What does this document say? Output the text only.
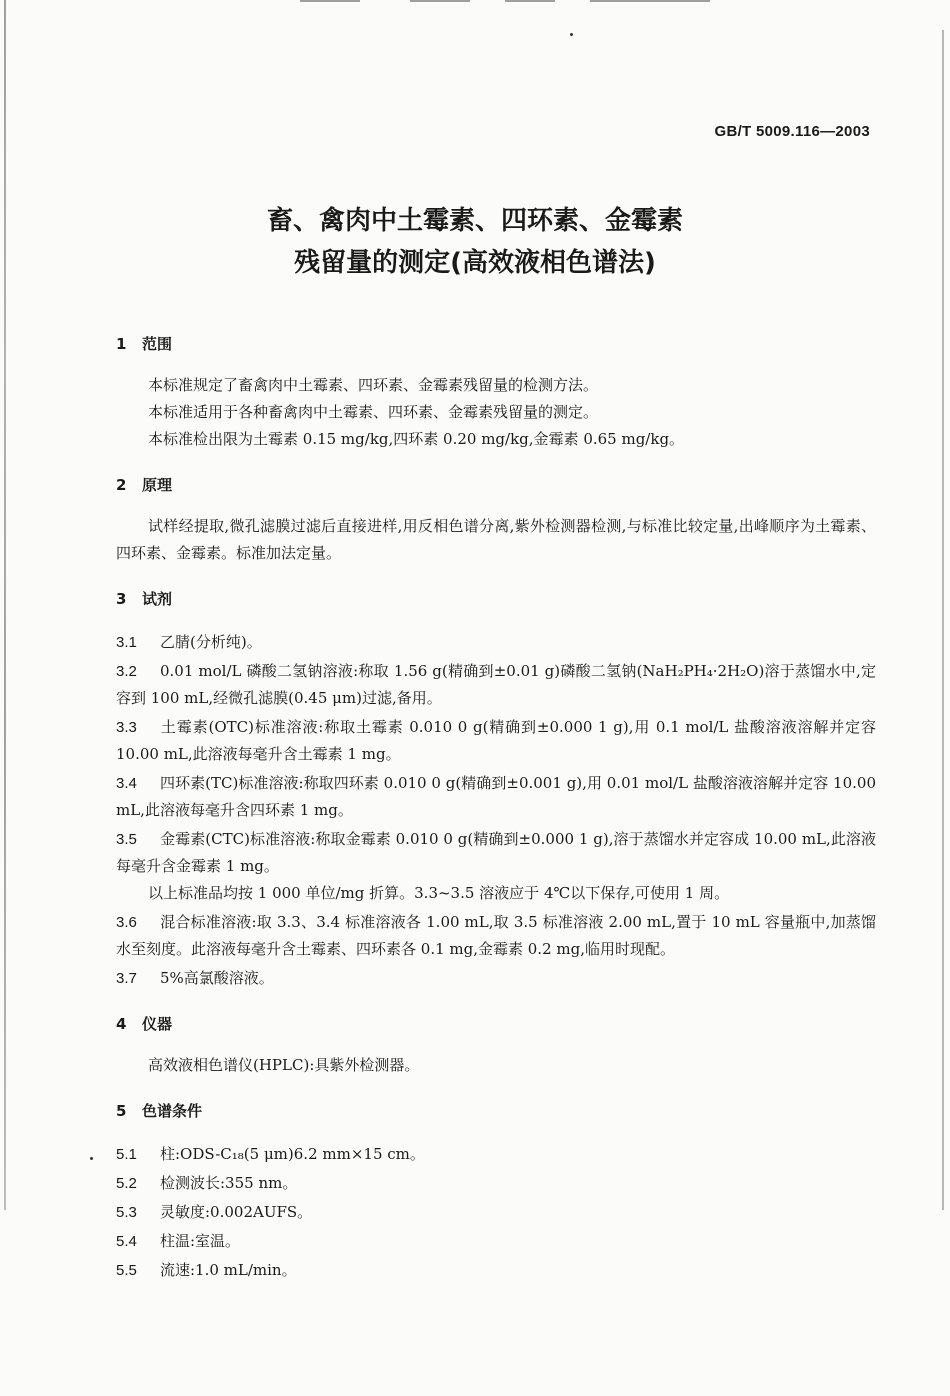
GB/T 5009.116—2003
畜、禽肉中土霉素、四环素、金霉素
残留量的测定(高效液相色谱法)
1 范围
本标准规定了畜禽肉中土霉素、四环素、金霉素残留量的检测方法。
本标准适用于各种畜禽肉中土霉素、四环素、金霉素残留量的测定。
本标准检出限为土霉素 0.15 mg/kg,四环素 0.20 mg/kg,金霉素 0.65 mg/kg。
2 原理
试样经提取,微孔滤膜过滤后直接进样,用反相色谱分离,紫外检测器检测,与标准比较定量,出峰顺序为土霉素、四环素、金霉素。标准加法定量。
3 试剂
3.1 乙腈(分析纯)。
3.2 0.01 mol/L 磷酸二氢钠溶液:称取 1.56 g(精确到±0.01 g)磷酸二氢钠(NaH₂PH₄·2H₂O)溶于蒸馏水中,定容到 100 mL,经微孔滤膜(0.45 μm)过滤,备用。
3.3 土霉素(OTC)标准溶液:称取土霉素 0.010 0 g(精确到±0.000 1 g),用 0.1 mol/L 盐酸溶液溶解并定容 10.00 mL,此溶液每毫升含土霉素 1 mg。
3.4 四环素(TC)标准溶液:称取四环素 0.010 0 g(精确到±0.001 g),用 0.01 mol/L 盐酸溶液溶解并定容 10.00 mL,此溶液每毫升含四环素 1 mg。
3.5 金霉素(CTC)标准溶液:称取金霉素 0.010 0 g(精确到±0.000 1 g),溶于蒸馏水并定容成 10.00 mL,此溶液每毫升含金霉素 1 mg。
以上标准品均按 1 000 单位/mg 折算。3.3~3.5 溶液应于 4℃以下保存,可使用 1 周。
3.6 混合标准溶液:取 3.3、3.4 标准溶液各 1.00 mL,取 3.5 标准溶液 2.00 mL,置于 10 mL 容量瓶中,加蒸馏水至刻度。此溶液每毫升含土霉素、四环素各 0.1 mg,金霉素 0.2 mg,临用时现配。
3.7 5%高氯酸溶液。
4 仪器
高效液相色谱仪(HPLC):具紫外检测器。
5 色谱条件
5.1 柱:ODS-C₁₈(5 μm)6.2 mm×15 cm。
5.2 检测波长:355 nm。
5.3 灵敏度:0.002AUFS。
5.4 柱温:室温。
5.5 流速:1.0 mL/min。
